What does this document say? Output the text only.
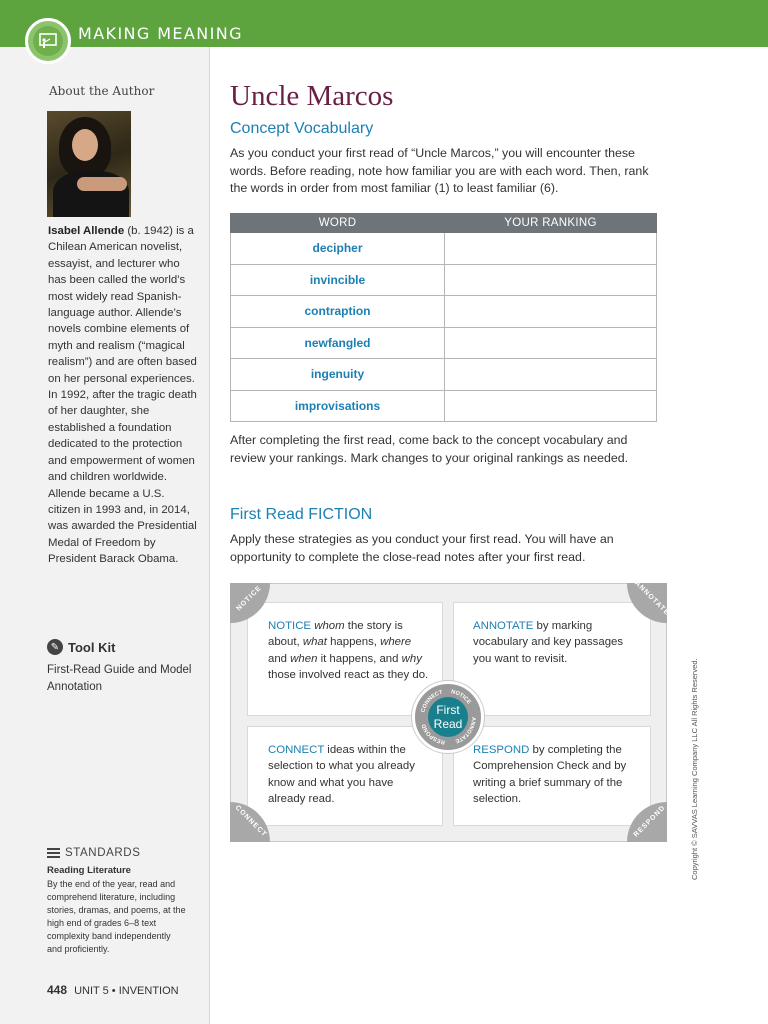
MAKING MEANING
About the Author
Isabel Allende (b. 1942) is a Chilean American novelist, essayist, and lecturer who has been called the world’s most widely read Spanish-language author. Allende’s novels combine elements of myth and realism (“magical realism”) and are often based on her personal experiences. In 1992, after the tragic death of her daughter, she established a foundation dedicated to the protection and empowerment of women and children worldwide. Allende became a U.S. citizen in 1993 and, in 2014, was awarded the Presidential Medal of Freedom by President Barack Obama.
✎ Tool Kit
First-Read Guide and Model Annotation
STANDARDS
Reading Literature
By the end of the year, read and comprehend literature, including stories, dramas, and poems, at the high end of grades 6–8 text complexity band independently and proficiently.
448 UNIT 5 • INVENTION
Uncle Marcos
Concept Vocabulary
As you conduct your first read of “Uncle Marcos,” you will encounter these words. Before reading, note how familiar you are with each word. Then, rank the words in order from most familiar (1) to least familiar (6).
WORD	YOUR RANKING
decipher	
invincible	
contraption	
newfangled	
ingenuity	
improvisations	
After completing the first read, come back to the concept vocabulary and review your rankings. Mark changes to your original rankings as needed.
First Read FICTION
Apply these strategies as you conduct your first read. You will have an opportunity to complete the close-read notes after your first read.
NOTICE whom the story is about, what happens, where and when it happens, and why those involved react as they do.
ANNOTATE by marking vocabulary and key passages you want to revisit.
CONNECT ideas within the selection to what you already know and what you have already read.
RESPOND by completing the Comprehension Check and by writing a brief summary of the selection.
NOTICE	ANNOTATE
CONNECT	RESPOND
CONNECT NOTICE
ANNOTATE
RESPOND
First
Read	Copyright © SAVVAS Learning Company LLC All Rights Reserved.
